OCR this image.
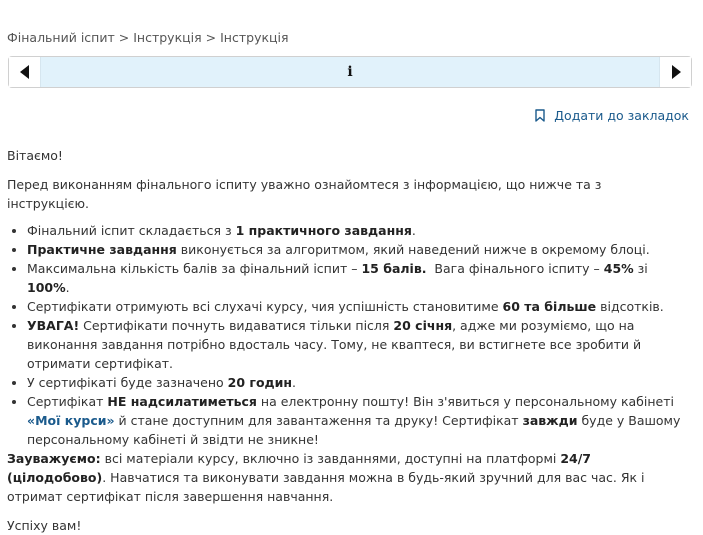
Фінальний іспит > Інструкція > Інструкція
i
Додати до закладок

Вітаємо!

Перед виконанням фінального іспиту уважно ознайомтеся з інформацією, що нижче та з інструкцією.

• Фінальний іспит складається з 1 практичного завдання.
• Практичне завдання виконується за алгоритмом, який наведений нижче в окремому блоці.
• Максимальна кількість балів за фінальний іспит – 15 балів.  Вага фінального іспиту – 45% зі 100%.
• Сертифікати отримують всі слухачі курсу, чия успішність становитиме 60 та більше відсотків.
• УВАГА! Сертифікати почнуть видаватися тільки після 20 січня, адже ми розуміємо, що на виконання завдання потрібно вдосталь часу. Тому, не кваптеся, ви встигнете все зробити й отримати сертифікат.
• У сертифікаті буде зазначено 20 годин.
• Сертифікат НЕ надсилатиметься на електронну пошту! Він з'явиться у персональному кабінеті «Мої курси» й стане доступним для завантаження та друку! Сертифікат завжди буде у Вашому персональному кабінеті й звідти не зникне!

Зауважуємо: всі матеріали курсу, включно із завданнями, доступні на платформі 24/7 (цілодобово). Навчатися та виконувати завдання можна в будь-який зручний для вас час. Як і отримат сертифікат після завершення навчання.

Успіху вам!
